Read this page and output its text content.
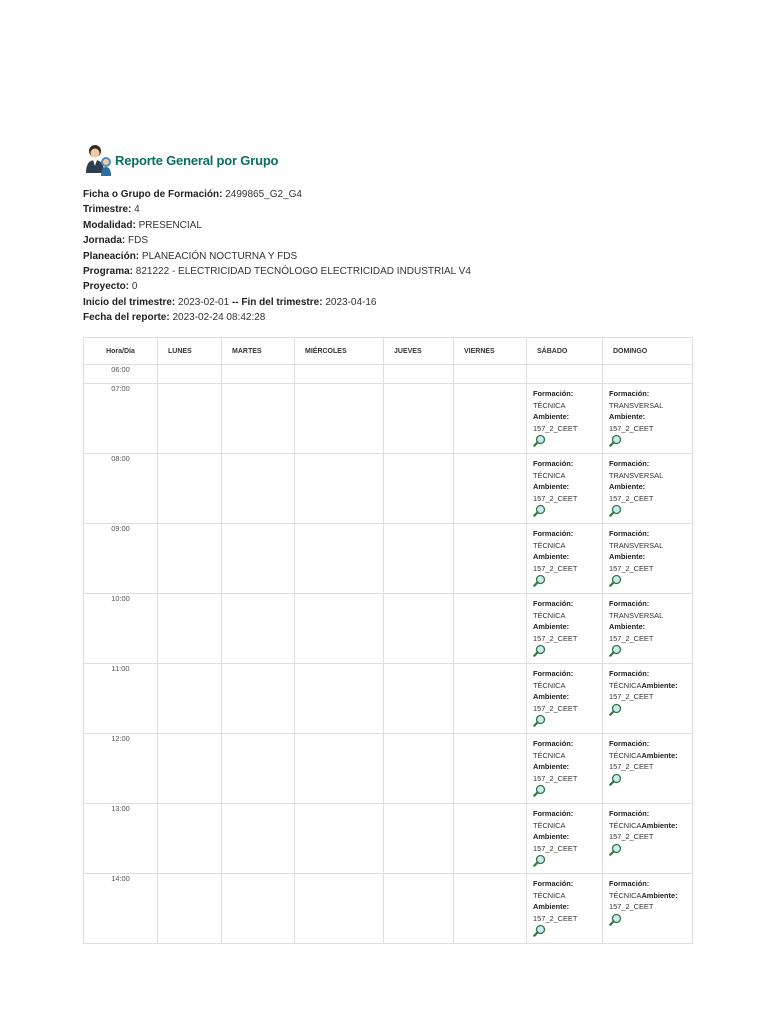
Reporte General por Grupo
Ficha o Grupo de Formación: 2499865_G2_G4
Trimestre: 4
Modalidad: PRESENCIAL
Jornada: FDS
Planeación: PLANEACIÓN NOCTURNA Y FDS
Programa: 821222 - ELECTRICIDAD TECNÓLOGO ELECTRICIDAD INDUSTRIAL V4
Proyecto: 0
Inicio del trimestre: 2023-02-01 -- Fin del trimestre: 2023-04-16
Fecha del reporte: 2023-02-24 08:42:28
Hora/Día	LUNES	MARTES	MIÉRCOLES	JUEVES	VIERNES	SÁBADO	DOMINGO
06:00							
07:00						Formación: TÉCNICA
Ambiente:
157_2_CEET	Formación: TRANSVERSAL
Ambiente:
157_2_CEET

08:00						Formación: TÉCNICA
Ambiente:
157_2_CEET	Formación: TRANSVERSAL
Ambiente:
157_2_CEET

09:00						Formación: TÉCNICA
Ambiente:
157_2_CEET	Formación: TRANSVERSAL
Ambiente:
157_2_CEET

10:00						Formación: TÉCNICA
Ambiente:
157_2_CEET	Formación: TRANSVERSAL
Ambiente:
157_2_CEET

11:00						Formación: TÉCNICA
Ambiente:
157_2_CEET	Formación: TÉCNICAAmbiente:
157_2_CEET

12:00						Formación: TÉCNICA
Ambiente:
157_2_CEET	Formación: TÉCNICAAmbiente:
157_2_CEET

13:00						Formación: TÉCNICA
Ambiente:
157_2_CEET	Formación: TÉCNICAAmbiente:
157_2_CEET

14:00						Formación: TÉCNICA
Ambiente:
157_2_CEET	Formación: TÉCNICAAmbiente:
157_2_CEET
